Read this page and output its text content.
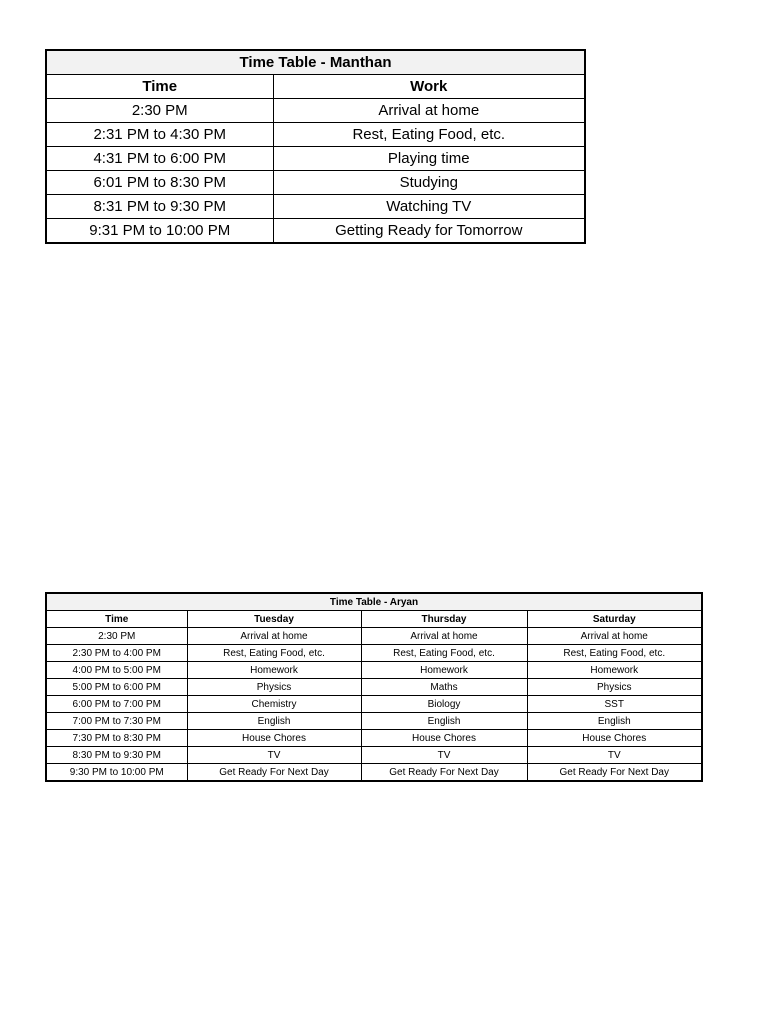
Time Table - Manthan	
Time	Work
2:30 PM	Arrival at home
2:31 PM to 4:30 PM	Rest, Eating Food, etc.
4:31 PM to 6:00 PM	Playing time
6:01 PM to 8:30 PM	Studying
8:31 PM to 9:30 PM	Watching TV
9:31 PM to 10:00 PM	Getting Ready for Tomorrow
Time Table - Aryan			
Time	Tuesday	Thursday	Saturday
2:30 PM	Arrival at home	Arrival at home	Arrival at home
2:30 PM to 4:00 PM	Rest, Eating Food, etc.	Rest, Eating Food, etc.	Rest, Eating Food, etc.
4:00 PM to 5:00 PM	Homework	Homework	Homework
5:00 PM to 6:00 PM	Physics	Maths	Physics
6:00 PM to 7:00 PM	Chemistry	Biology	SST
7:00 PM to 7:30 PM	English	English	English
7:30 PM to 8:30 PM	House Chores	House Chores	House Chores
8:30 PM to 9:30 PM	TV	TV	TV
9:30 PM to 10:00 PM	Get Ready For Next Day	Get Ready For Next Day	Get Ready For Next Day
